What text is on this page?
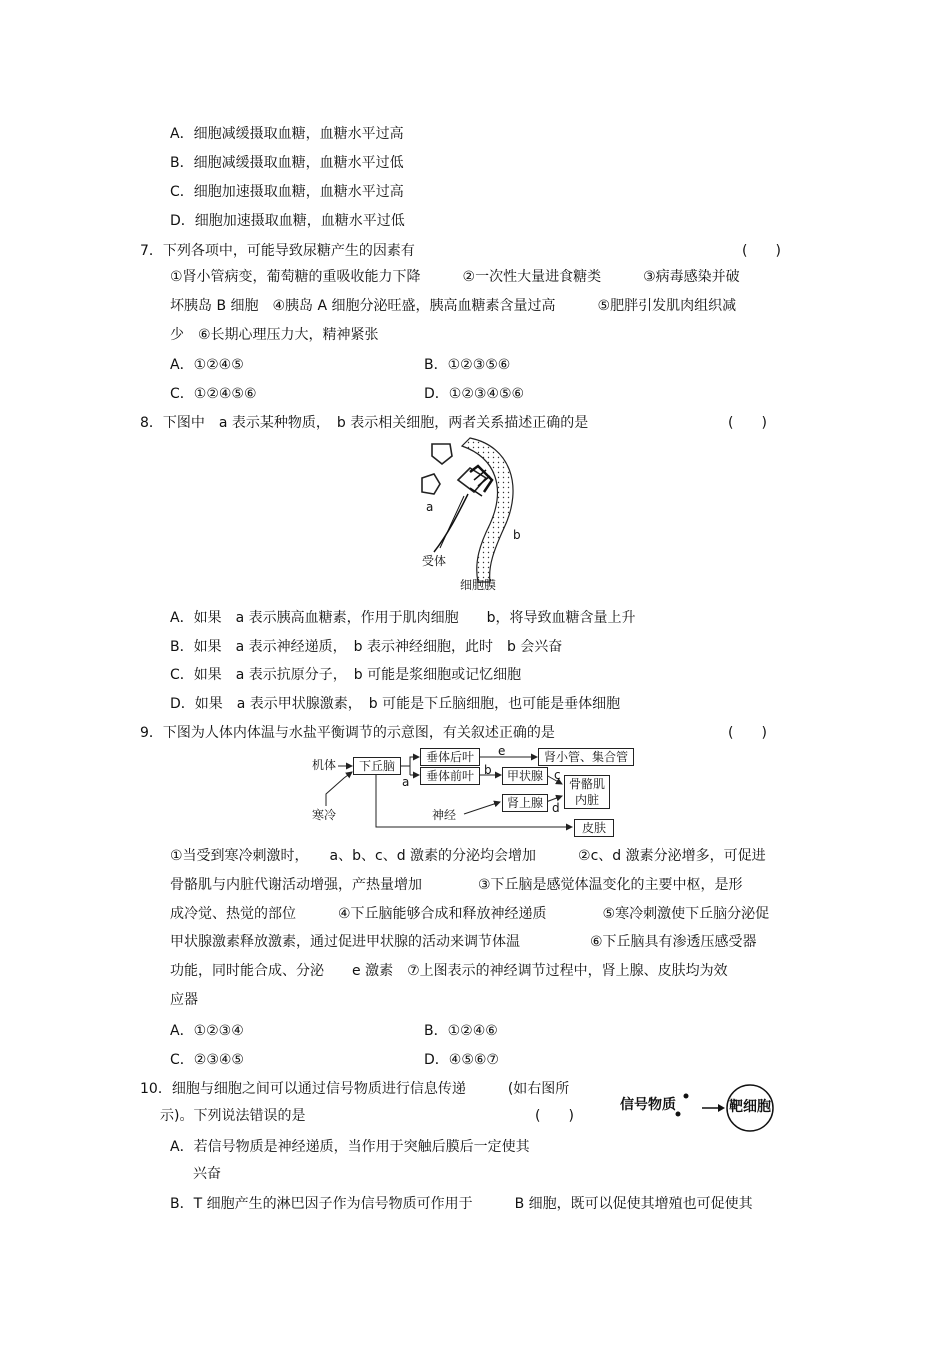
A．细胞减缓摄取血糖，血糖水平过高
B．细胞减缓摄取血糖，血糖水平过低
C．细胞加速摄取血糖，血糖水平过高
D．细胞加速摄取血糖，血糖水平过低
7．下列各项中，可能导致尿糖产生的因素有	(　　)
①肾小管病变，葡萄糖的重吸收能力下降　　　②一次性大量进食糖类　　　③病毒感染并破
坏胰岛 B 细胞　④胰岛 A 细胞分泌旺盛，胰高血糖素含量过高　　　⑤肥胖引发肌肉组织减
少　⑥长期心理压力大，精神紧张
A．①②④⑤	B．①②③⑤⑥
C．①②④⑤⑥	D．①②③④⑤⑥
8．下图中　a 表示某种物质，　b 表示相关细胞，两者关系描述正确的是	(　　)
a
b
受体
细胞膜
A．如果　a 表示胰高血糖素，作用于肌肉细胞　　b，将导致血糖含量上升
B．如果　a 表示神经递质，　b 表示神经细胞，此时　b 会兴奋
C．如果　a 表示抗原分子，　b 可能是浆细胞或记忆细胞
D．如果　a 表示甲状腺激素，　b 可能是下丘脑细胞，也可能是垂体细胞
9．下图为人体内体温与水盐平衡调节的示意图，有关叙述正确的是	(　　)
机体
寒冷
下丘脑
垂体后叶
垂体前叶
肾小管、集合管
甲状腺
骨骼肌
内脏
肾上腺
皮肤
神经
a
b	c
d
e
①当受到寒冷刺激时，　　a、b、c、d 激素的分泌均会增加　　　②c、d 激素分泌增多，可促进
骨骼肌与内脏代谢活动增强，产热量增加　　　　③下丘脑是感觉体温变化的主要中枢，是形
成冷觉、热觉的部位　　　④下丘脑能够合成和释放神经递质　　　　⑤寒冷刺激使下丘脑分泌促
甲状腺激素释放激素，通过促进甲状腺的活动来调节体温　　　　　⑥下丘脑具有渗透压感受器
功能，同时能合成、分泌　　e 激素　⑦上图表示的神经调节过程中，肾上腺、皮肤均为效
应器
A．①②③④	B．①②④⑥
C．②③④⑤	D．④⑤⑥⑦
10．细胞与细胞之间可以通过信号物质进行信息传递　　　(如右图所
示)。下列说法错误的是	(　　)
信号物质	靶细胞
A．若信号物质是神经递质，当作用于突触后膜后一定使其
兴奋
B．T 细胞产生的淋巴因子作为信号物质可作用于　　　B 细胞，既可以促使其增殖也可促使其
